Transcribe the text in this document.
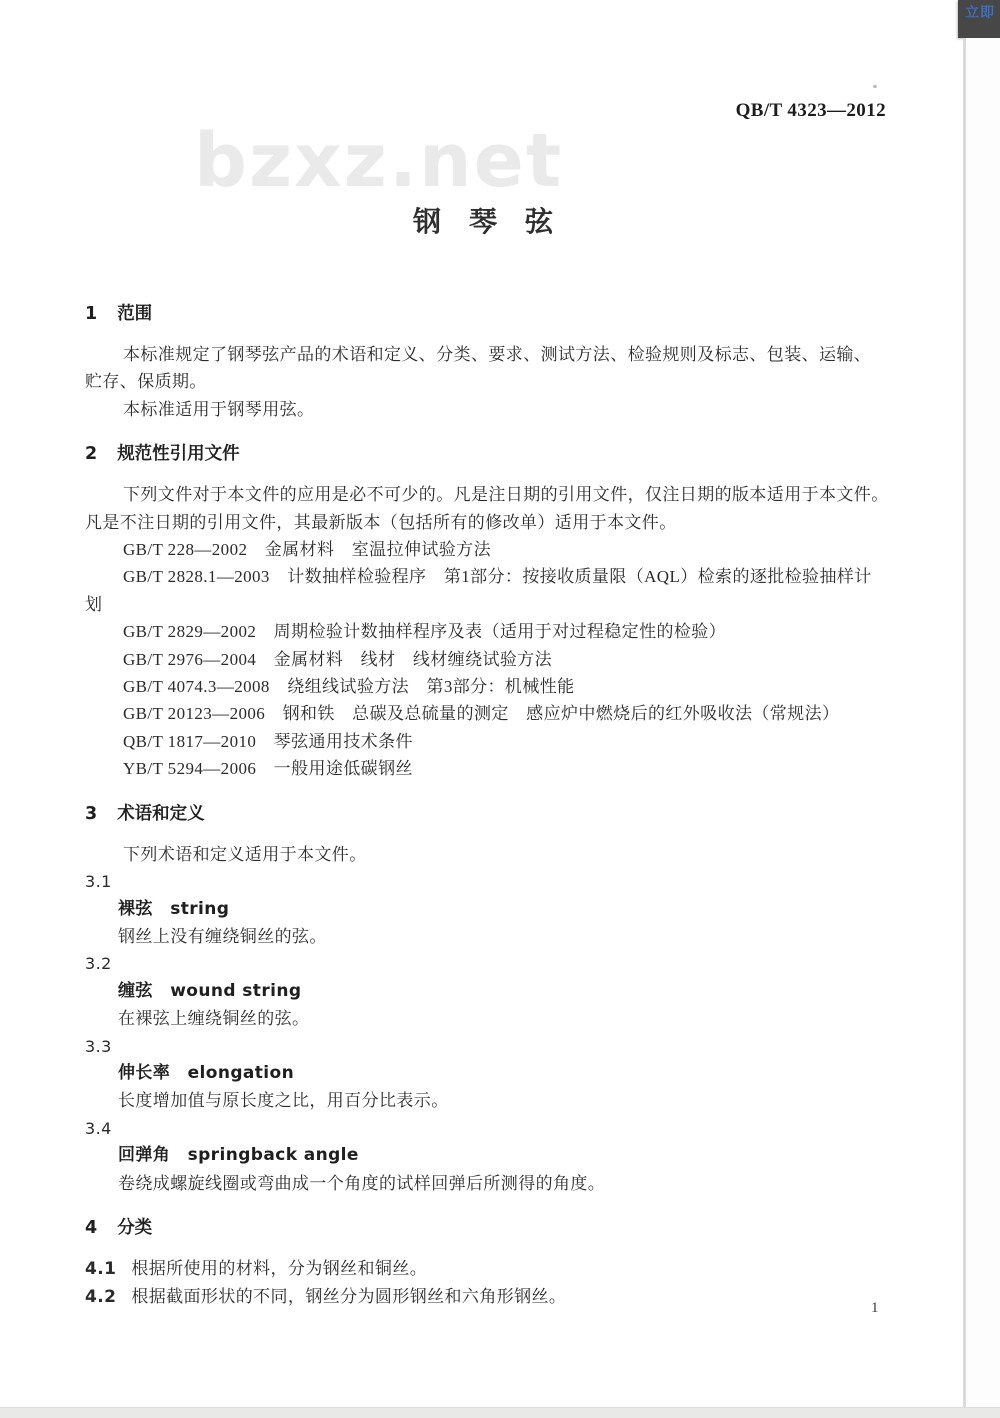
立即
QB/T 4323—2012
bzxz.net
钢　琴　弦
1 范围
本标准规定了钢琴弦产品的术语和定义、分类、要求、测试方法、检验规则及标志、包装、运输、
贮存、保质期。
本标准适用于钢琴用弦。
2 规范性引用文件
下列文件对于本文件的应用是必不可少的。凡是注日期的引用文件，仅注日期的版本适用于本文件。
凡是不注日期的引用文件，其最新版本（包括所有的修改单）适用于本文件。
GB/T 228—2002　金属材料　室温拉伸试验方法
GB/T 2828.1—2003　计数抽样检验程序　第1部分：按接收质量限（AQL）检索的逐批检验抽样计
划
GB/T 2829—2002　周期检验计数抽样程序及表（适用于对过程稳定性的检验）
GB/T 2976—2004　金属材料　线材　线材缠绕试验方法
GB/T 4074.3—2008　绕组线试验方法　第3部分：机械性能
GB/T 20123—2006　钢和铁　总碳及总硫量的测定　感应炉中燃烧后的红外吸收法（常规法）
QB/T 1817—2010　琴弦通用技术条件
YB/T 5294—2006　一般用途低碳钢丝
3 术语和定义
下列术语和定义适用于本文件。
3.1
裸弦　string
钢丝上没有缠绕铜丝的弦。
3.2
缠弦　wound string
在裸弦上缠绕铜丝的弦。
3.3
伸长率　elongation
长度增加值与原长度之比，用百分比表示。
3.4
回弹角　springback angle
卷绕成螺旋线圈或弯曲成一个角度的试样回弹后所测得的角度。
4 分类
4.1 根据所使用的材料，分为钢丝和铜丝。
4.2 根据截面形状的不同，钢丝分为圆形钢丝和六角形钢丝。
1
